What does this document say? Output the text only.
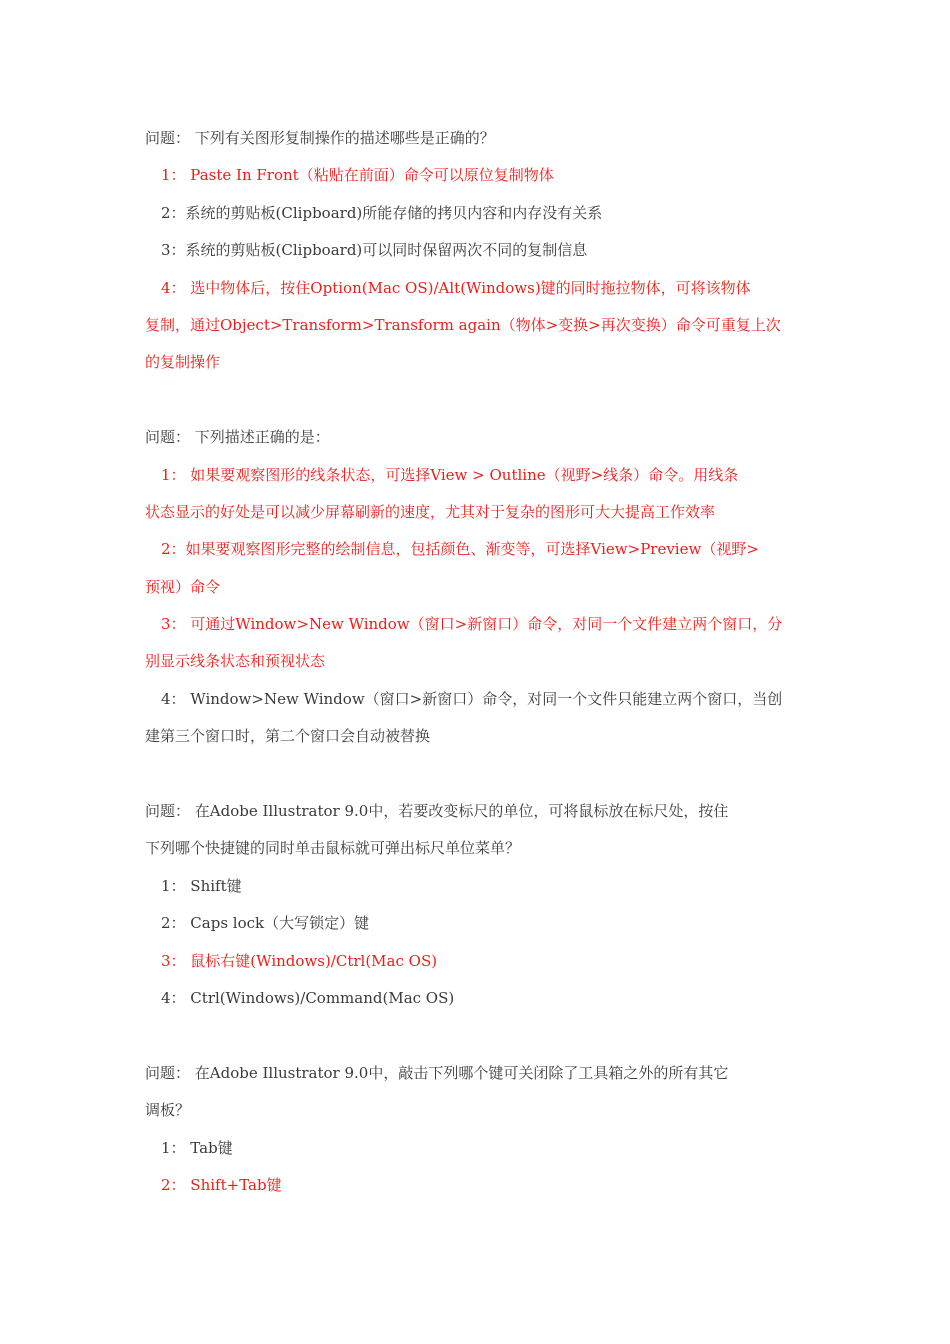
问题： 下列有关图形复制操作的描述哪些是正确的？
1： Paste In Front（粘贴在前面）命令可以原位复制物体
2：系统的剪贴板(Clipboard)所能存储的拷贝内容和内存没有关系
3：系统的剪贴板(Clipboard)可以同时保留两次不同的复制信息
4： 选中物体后，按住Option(Mac OS)/Alt(Windows)键的同时拖拉物体，可将该物体
复制，通过Object>Transform>Transform again（物体>变换>再次变换）命令可重复上次
的复制操作
问题： 下列描述正确的是：
1： 如果要观察图形的线条状态，可选择View > Outline（视野>线条）命令。用线条
状态显示的好处是可以减少屏幕刷新的速度，尤其对于复杂的图形可大大提高工作效率
2：如果要观察图形完整的绘制信息，包括颜色、渐变等，可选择View>Preview（视野>
预视）命令
3： 可通过Window>New Window（窗口>新窗口）命令，对同一个文件建立两个窗口，分
别显示线条状态和预视状态
4： Window>New Window（窗口>新窗口）命令，对同一个文件只能建立两个窗口，当创
建第三个窗口时，第二个窗口会自动被替换
问题： 在Adobe Illustrator 9.0中，若要改变标尺的单位，可将鼠标放在标尺处，按住
下列哪个快捷键的同时单击鼠标就可弹出标尺单位菜单？
1： Shift键
2： Caps lock（大写锁定）键
3： 鼠标右键(Windows)/Ctrl(Mac OS)
4： Ctrl(Windows)/Command(Mac OS)
问题： 在Adobe Illustrator 9.0中，敲击下列哪个键可关闭除了工具箱之外的所有其它
调板？
1： Tab键
2： Shift+Tab键
